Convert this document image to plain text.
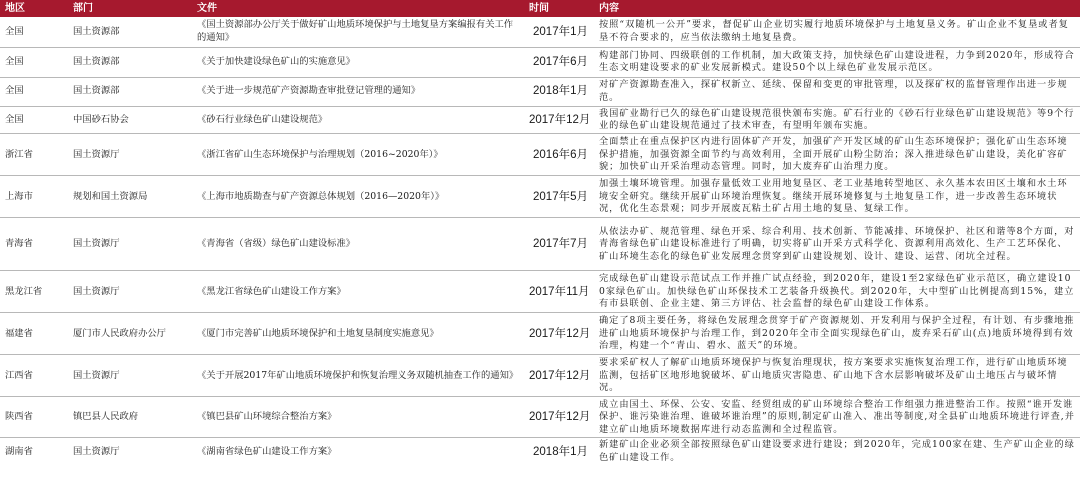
地区	部门	文件	时间	内容
全国	国土资源部	《国土资源部办公厅关于做好矿山地质环境保护与土地复垦方案编报有关工作的通知》	2017年1月	按照“双随机一公开”要求，督促矿山企业切实履行地质环境保护与土地复垦义务。矿山企业不复垦或者复垦不符合要求的，应当依法缴纳土地复垦费。
全国	国土资源部	《关于加快建设绿色矿山的实施意见》	2017年6月	构建部门协同、四级联创的工作机制，加大政策支持，加快绿色矿山建设进程，力争到2020年，形成符合生态文明建设要求的矿业发展新模式。建设50个以上绿色矿业发展示范区。
全国	国土资源部	《关于进一步规范矿产资源勘查审批登记管理的通知》	2018年1月	对矿产资源勘查准入，探矿权新立、延续、保留和变更的审批管理，以及探矿权的监督管理作出进一步规范。
全国	中国砂石协会	《砂石行业绿色矿山建设规范》	2017年12月	我国矿业勘行已久的绿色矿山建设规范很快颁布实施。矿石行业的《砂石行业绿色矿山建设规范》等9个行业的绿色矿山建设规范通过了技术审查，有望明年颁布实施。
浙江省	国土资源厅	《浙江省矿山生态环境保护与治理规划（2016~2020年）》	2016年6月	全面禁止在重点保护区内进行固体矿产开发，加强矿产开发区域的矿山生态环境保护；强化矿山生态环境保护措施，加强资源全面节约与高效利用，全面开展矿山粉尘防治；深入推进绿色矿山建设，美化矿容矿貌；加快矿山开采治理动态管理。同时，加大废弃矿山治理力度。
上海市	规划和国土资源局	《上海市地质勘查与矿产资源总体规划（2016—2020年）》	2017年5月	加强土壤环境管理。加强存量低效工业用地复垦区、老工业基地转型地区、永久基本农田区土壤和水土环境安全研究。继续开展矿山环境治理恢复。继续开展环境修复与土地复垦工作，进一步改善生态环境状况，优化生态景观；同步开展废瓦粘土矿占用土地的复垦、复绿工作。
青海省	国土资源厅	《青海省（省级）绿色矿山建设标准》	2017年7月	从依法办矿、规范管理、绿色开采、综合利用、技术创新、节能减排、环境保护、社区和谐等8个方面，对青海省绿色矿山建设标准进行了明确，切实将矿山开采方式科学化、资源利用高效化、生产工艺环保化、矿山环境生态化的绿色矿业发展理念贯穿到矿山建设规划、设计、建设、运营、闭坑全过程。
黑龙江省	国土资源厅	《黑龙江省绿色矿山建设工作方案》	2017年11月	完成绿色矿山建设示范试点工作并推广试点经验，到2020年，建设1至2家绿色矿业示范区，确立建设100家绿色矿山。加快绿色矿山环保技术工艺装备升级换代。到2020年，大中型矿山比例提高到15%，建立有市县联创、企业主建、第三方评估、社会监督的绿色矿山建设工作体系。
福建省	厦门市人民政府办公厅	《厦门市完善矿山地质环境保护和土地复垦制度实施意见》	2017年12月	确定了8项主要任务，将绿色发展理念贯穿于矿产资源规划、开发利用与保护全过程，有计划、有步骤地推进矿山地质环境保护与治理工作，到2020年全市全面实现绿色矿山，废弃采石矿山(点)地质环境得到有效治理，构建一个“青山、碧水、蓝天”的环境。
江西省	国土资源厅	《关于开展2017年矿山地质环境保护和恢复治理义务双随机抽查工作的通知》	2017年12月	要求采矿权人了解矿山地质环境保护与恢复治理现状，按方案要求实施恢复治理工作，进行矿山地质环境监测，包括矿区地形地貌破坏、矿山地质灾害隐患、矿山地下含水层影响破坏及矿山土地压占与破坏情况。
陕西省	镇巴县人民政府	《镇巴县矿山环境综合整治方案》	2017年12月	成立由国土、环保、公安、安监、经贸组成的矿山环境综合整治工作组强力推进整治工作。按照“谁开发谁保护、谁污染谁治理、谁破坏谁治理”的原则,制定矿山准入、准出等制度,对全县矿山地质环境进行评查,并建立矿山地质环境数据库进行动态监测和全过程监管。
湖南省	国土资源厅	《湖南省绿色矿山建设工作方案》	2018年1月	新建矿山企业必须全部按照绿色矿山建设要求进行建设；到2020年，完成100家在建、生产矿山企业的绿色矿山建设工作。
